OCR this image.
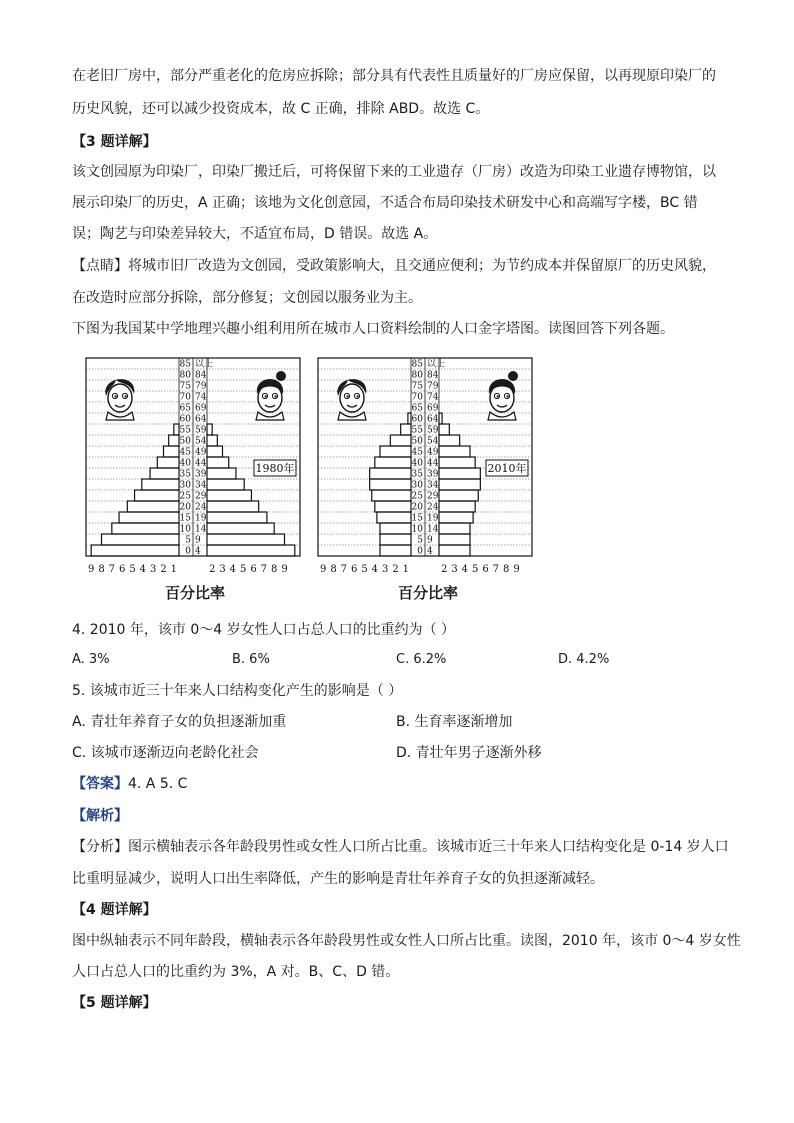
在老旧厂房中，部分严重老化的危房应拆除；部分具有代表性且质量好的厂房应保留，以再现原印染厂的
历史风貌，还可以减少投资成本，故 C 正确，排除 ABD。故选 C。
【3 题详解】
该文创园原为印染厂，印染厂搬迁后，可将保留下来的工业遗存（厂房）改造为印染工业遗存博物馆，以
展示印染厂的历史，A 正确；该地为文化创意园，不适合布局印染技术研发中心和高端写字楼，BC 错
误；陶艺与印染差异较大，不适宜布局，D 错误。故选 A。
【点睛】将城市旧厂改造为文创园，受政策影响大，且交通应便利；为节约成本并保留原厂的历史风貌，
在改造时应部分拆除，部分修复；文创园以服务业为主。
下图为我国某中学地理兴趣小组利用所在城市人口资料绘制的人口金字塔图。读图回答下列各题。
0 4
5 9
10 14
15 19
20 24
25 29
30 34
35 39
40 44
45 49
50 54
55 59
60 64
65 69
70 74
75 79
80 84
85 以上
1980年
9 8 7 6 5 4 3 2 1	2 3 4 5 6 7 8 9
0 4
5 9
10 14
15 19
20 24
25 29
30 34
35 39
40 44
45 49
50 54
55 59
60 64
65 69
70 74
75 79
80 84
85 以上
2010年
9 8 7 6 5 4 3 2 1	2 3 4 5 6 7 8 9
百分比率	百分比率
4. 2010 年，该市 0～4 岁女性人口占总人口的比重约为（ ）
A. 3%	B. 6%	C. 6.2%	D. 4.2%
5. 该城市近三十年来人口结构变化产生的影响是（ ）
A. 青壮年养育子女的负担逐渐加重	B. 生育率逐渐增加
C. 该城市逐渐迈向老龄化社会	D. 青壮年男子逐渐外移
【答案】4. A 5. C
【解析】
【分析】图示横轴表示各年龄段男性或女性人口所占比重。该城市近三十年来人口结构变化是 0-14 岁人口
比重明显减少，说明人口出生率降低，产生的影响是青壮年养育子女的负担逐渐减轻。
【4 题详解】
图中纵轴表示不同年龄段，横轴表示各年龄段男性或女性人口所占比重。读图，2010 年，该市 0～4 岁女性
人口占总人口的比重约为 3%，A 对。B、C、D 错。
【5 题详解】
